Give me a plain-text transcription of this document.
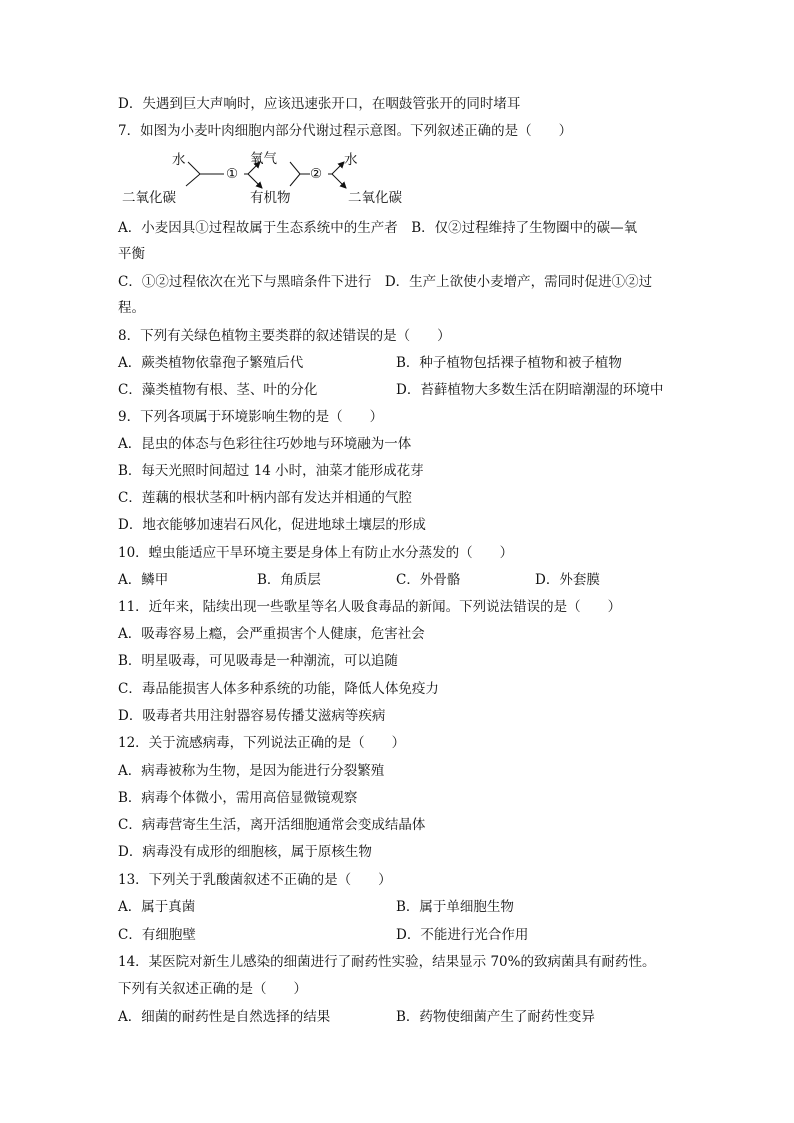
D．失遇到巨大声响时，应该迅速张开口，在咽鼓管张开的同时堵耳
7．如图为小麦叶肉细胞内部分代谢过程示意图。下列叙述正确的是（　　）
水
二氧化碳
①
氧气
有机物
②
水
二氧化碳
A．小麦因具①过程故属于生态系统中的生产者　B．仅②过程维持了生物圈中的碳—氧
平衡
C．①②过程依次在光下与黑暗条件下进行　D．生产上欲使小麦增产，需同时促进①②过
程。
8．下列有关绿色植物主要类群的叙述错误的是（　　）
A．蕨类植物依靠孢子繁殖后代	B．种子植物包括裸子植物和被子植物
C．藻类植物有根、茎、叶的分化	D．苔藓植物大多数生活在阴暗潮湿的环境中
9．下列各项属于环境影响生物的是（　　）
A．昆虫的体态与色彩往往巧妙地与环境融为一体
B．每天光照时间超过 14 小时，油菜才能形成花芽
C．莲藕的根状茎和叶柄内部有发达并相通的气腔
D．地衣能够加速岩石风化，促进地球土壤层的形成
10．蝗虫能适应干旱环境主要是身体上有防止水分蒸发的（　　）
A．鳞甲	B．角质层	C．外骨骼	D．外套膜
11．近年来，陆续出现一些歌星等名人吸食毒品的新闻。下列说法错误的是（　　）
A．吸毒容易上瘾，会严重损害个人健康，危害社会
B．明星吸毒，可见吸毒是一种潮流，可以追随
C．毒品能损害人体多种系统的功能，降低人体免疫力
D．吸毒者共用注射器容易传播艾滋病等疾病
12．关于流感病毒，下列说法正确的是（　　）
A．病毒被称为生物，是因为能进行分裂繁殖
B．病毒个体微小，需用高倍显微镜观察
C．病毒营寄生生活，离开活细胞通常会变成结晶体
D．病毒没有成形的细胞核，属于原核生物
13．下列关于乳酸菌叙述不正确的是（　　）
A．属于真菌	B．属于单细胞生物
C．有细胞壁	D．不能进行光合作用
14．某医院对新生儿感染的细菌进行了耐药性实验，结果显示 70%的致病菌具有耐药性。
下列有关叙述正确的是（　　）
A．细菌的耐药性是自然选择的结果	B．药物使细菌产生了耐药性变异
